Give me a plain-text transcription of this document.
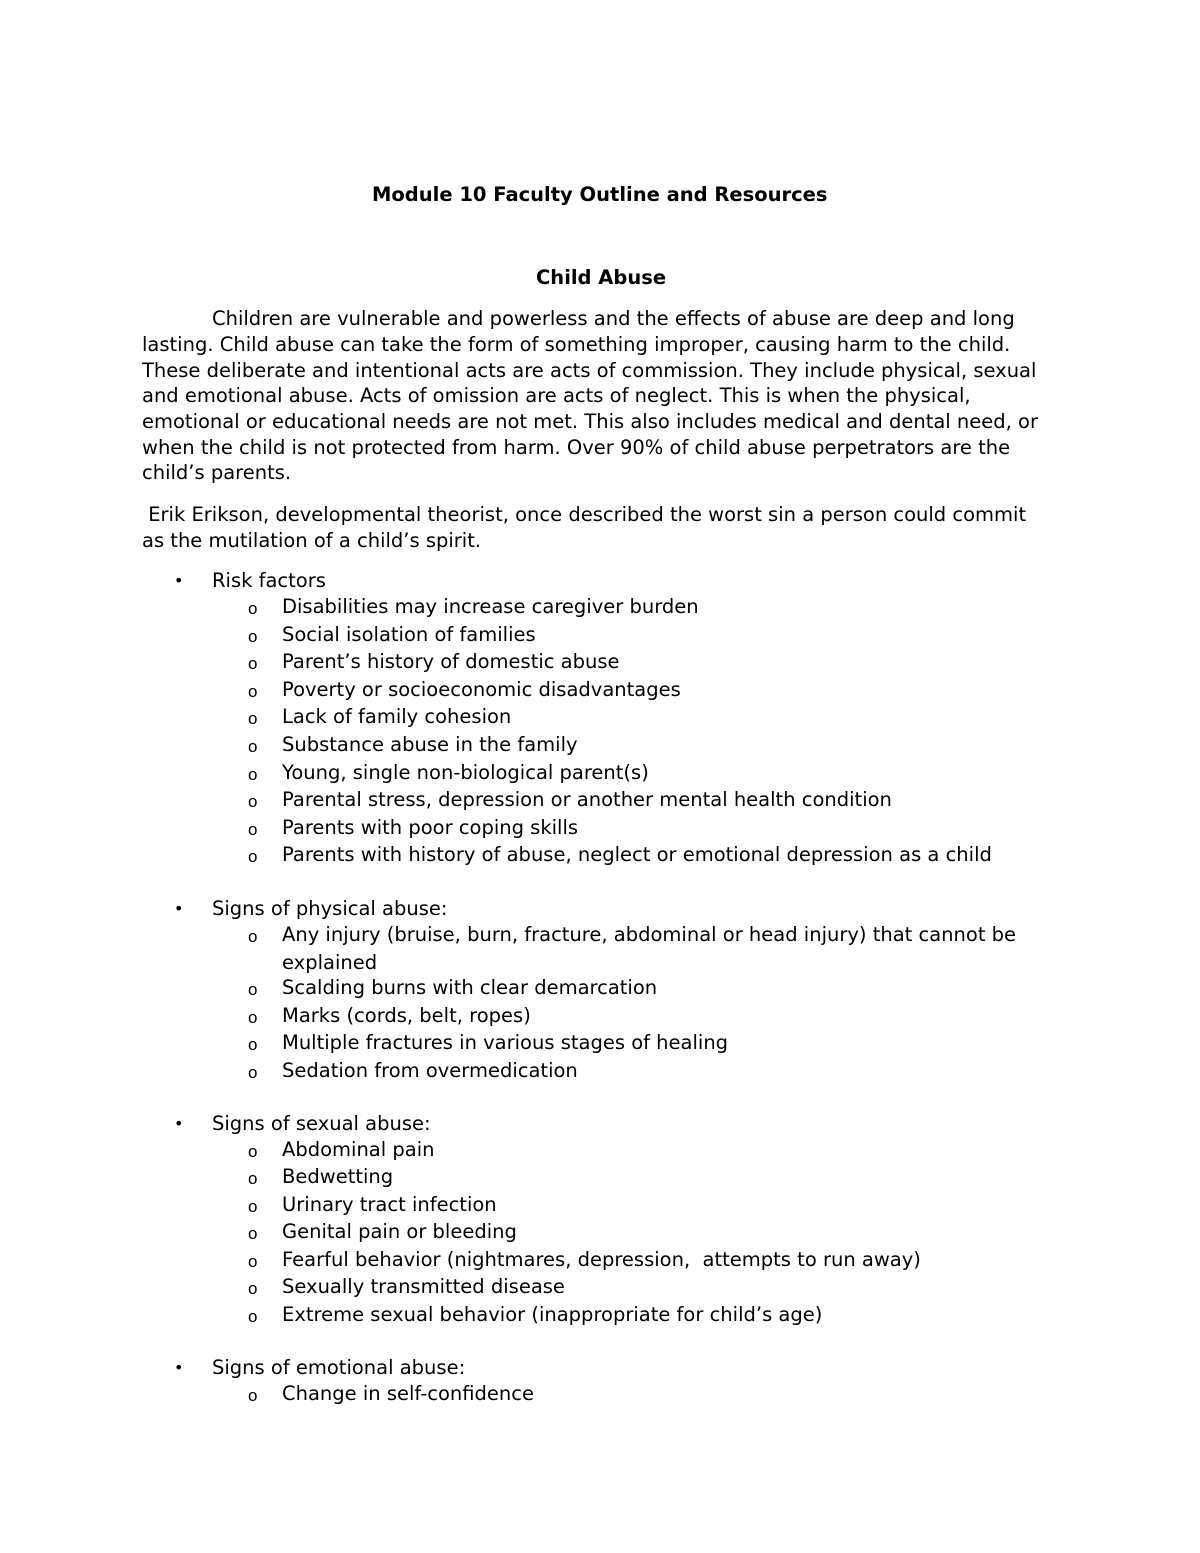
Module 10 Faculty Outline and Resources
Child Abuse
Children are vulnerable and powerless and the effects of abuse are deep and long
lasting. Child abuse can take the form of something improper, causing harm to the child.
These deliberate and intentional acts are acts of commission. They include physical, sexual
and emotional abuse. Acts of omission are acts of neglect. This is when the physical,
emotional or educational needs are not met. This also includes medical and dental need, or
when the child is not protected from harm. Over 90% of child abuse perpetrators are the
child’s parents.
Erik Erikson, developmental theorist, once described the worst sin a person could commit
as the mutilation of a child’s spirit.
• Risk factors
o Disabilities may increase caregiver burden
o Social isolation of families
o Parent’s history of domestic abuse
o Poverty or socioeconomic disadvantages
o Lack of family cohesion
o Substance abuse in the family
o Young, single non-biological parent(s)
o Parental stress, depression or another mental health condition
o Parents with poor coping skills
o Parents with history of abuse, neglect or emotional depression as a child
• Signs of physical abuse:
o Any injury (bruise, burn, fracture, abdominal or head injury) that cannot be
explained
o Scalding burns with clear demarcation
o Marks (cords, belt, ropes)
o Multiple fractures in various stages of healing
o Sedation from overmedication
• Signs of sexual abuse:
o Abdominal pain
o Bedwetting
o Urinary tract infection
o Genital pain or bleeding
o Fearful behavior (nightmares, depression,  attempts to run away)
o Sexually transmitted disease
o Extreme sexual behavior (inappropriate for child’s age)
• Signs of emotional abuse:
o Change in self-confidence
